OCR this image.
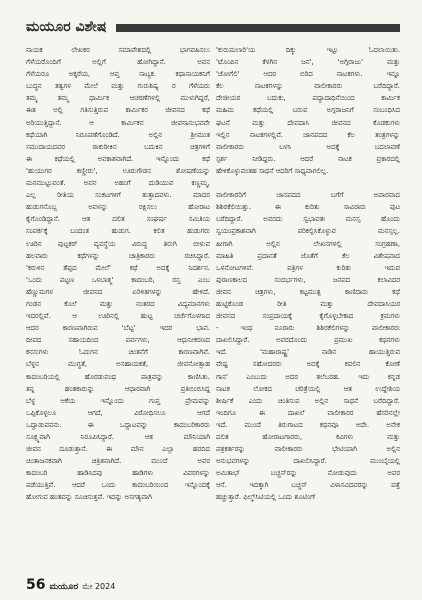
ಮಯೂರ ವಿಶೇಷ

ನಾಯಕ ಲೇಖಕರ ಸಮಾವೇಶದಲ್ಲಿ ಭಾಗವಹಿಸಲು

ಗೆಳೆಯರೊಂದಿಗೆ ಅಲ್ಲಿಗೆ ಹೋಗಿದ್ದಾನೆ. ಅವನ

ಗೆಳೆಯರೂ ಅಕ್ಕರೆಯ, ಆಪ್ತ ನಾಟ್ಯಕ. ಕಥಾನಾಯಕನಿಗೆ

ಬುದ್ಧನ ತತ್ವಗಳ ಮೇಲೆ ಮತ್ತು ಗುರುಶಿಷ್ಯ ರ ಗೆಳೆಯರು

ತಮ್ಮ ತಮ್ಮ ಧಾರ್ಮಿಕ ಆಚರಣೆಗಳಲ್ಲಿ ಮುಳುಗಿದ್ದರೆ,

ಈತ ಅಲ್ಲಿ ಗತಿಸುತ್ತಿರುವ ಕಾರ್ಮಿಕರ ಜೀವನದ ಕಥೆ

ಅರಿಯುತ್ತಿದ್ದಾನೆ. ಆ ಕಾರ್ಮಿಕನ ಜೀವನಾನುಭವವೇ

ಕಥೆಯಾಗಿ ನಿರೂಪಣೆಗೊಂಡಿದೆ. ಅಲ್ಲಿನ ಶ್ರೀಮಂತ

ಸಮುದಾಯದವರ ಠಾಕುಠೀಕಿನ ಬದುಕಿನ ಚಿತ್ರಗಳಿಗೆ

ಈ ಕಥೆಯಲ್ಲಿ ಅವಕಾಶವಾಗಿದೆ. ಇನ್ನೊಂದು ಕಥೆ

'ಹುಯುಗರ ಕಣ್ಣೀರು', ಊರುಗೌಡನ ಶೋಷಣೆಯನ್ನು

ಮನಮುಟ್ಟುವಂತೆ. ಅವನ ಅಹಂಗೆ ದುಡಿಯುವ ಕಣ್ಣಮ್ಮ,

ಎಲ್ಲ ರೀತಿಯ ಸಂಕಟಗಳಿಗೆ ತುತ್ತಾದವಳು. ಮಾದರ

ಹುಡುಗನೊಬ್ಬ ಅವಳನ್ನು ರಕ್ಷಿಸಲು ಹೋರಾಟ

ಕೈಗೊಂಡಿದ್ದಾನೆ. ಆತ ದಲಿತ ಸಂಘರ್ಷ ಸಮಿತಿಯ

ಸಂಪರ್ಕಕ್ಕೆ ಬಂದಂತ ಹುಡುಗ. ಕಲಿತ ಹುಡುಗರು

ಊರಿನ ಪುಟ್ಟಕರ್ ವ್ಯವಸ್ಥೆಯ ವಿರುದ್ಧ ತಿರುಗಿ ಬೀಳುವ

ಹಲವಾರು ಕಥೆಗಳನ್ನು ಚಾತ್ರಿಕಾರರು ರಚಿಸಿದ್ದಾರೆ.

'ಕರುಳಿನ ತೆಪ್ಪದ ಮೇಲೆ' ಕಥೆ ಅದಕ್ಕೆ ನಿದರ್ಶನ.

'ಒಂದು ಪಟ್ಟಣ ಒಳಬಾತ್ಮ' ಕಾದಂಬರಿ, ರಸ್ತ ಎಂಬ

ಹೆಣ್ಣುಮಗಳ ಜೀವನದ ಏರಿಳಿತಗಳನ್ನು ಹೇಳಿದೆ.

ಗಂಡನ ಕೊಲೆ ಮತ್ತು ನಂತರದ ವಿದ್ಯಮಾನಗಳು

ಇದರಲ್ಲಿವೆ. ಆ ಊರಿನಲ್ಲಿ ಹುಟ್ಟ ಚರ್ಚೆಗೊಳಗಾದ

ಆದರ ಕಾರಣವಾಗಿರುವ 'ಬೆಟ್ಟ' ಇದರ ಭಾವ.

ದೀಪದ ಸಹಾಯದಿಂದ ಪರ್ವಗಳು, ಆಧುನೀಕರಣದ

ಕನಸುಗಳು ಓದುಗನ ಚಿಂತನೆಗೆ ಕಾರಣವಾಗಿವೆ.

ಬೆಳ್ಳನ ಮುಗ್ಧತೆ, ಅಸಹಾಯಕತೆ, ಜೀವನೋತ್ಸಾಹ

ಕಾದಂಬರಿಯಲ್ಲಿ ಹೊರಡುವಂಥ ಪಾತ್ರವನ್ನು ಕಾಣಿಸಿತು.

ತನ್ನ ಹಂತಕಾರುನ್ನು ಆಧಾರವಾಗಿ ಪ್ರತಿಬಿಂಬಿಸಿದ್ದ

ಬೆಳ್ಳ ಆಕೆಯ ಇನ್ನೊಂದು ಗುಪ್ತ ಪ್ರೇಮವನ್ನು

ಒಪ್ಪಿಕೊಳ್ಳಲೂ ಆಗದೆ, ವಿರೋಧಿಸಲೂ ಆಗದೆ

ಒದ್ದಾಡುವವನು. ಈ ಒದ್ದಾಟವನ್ನು ಕಾದಂಬರಿಕಾರರು

ಸೂಕ್ಷ್ಮವಾಗಿ ನಿರೂಪಿಸಿದ್ದಾರೆ. ಆತ ಮೌನಿಯಾಗಿ

ಜೀವನ ದೂಡುತ್ತಾನೆ. ಈ ಮೌನ ಎಲ್ಲಾ ಹರದಿದ

ಚಿಂತಾಜನಕವಾಗಿ ಚಿತ್ರಿತವಾಗಿದೆ. ಮುಂದೆ ಅವರ

ಕಾದಂಬರಿ ಹಾಡಿಸಿದವು ಹಾಡಿಗಳು ವಿವರಗಳನ್ನು

ಪಡೆಯುತ್ತಿವೆ. ಆದರೆ ಒಂದು ಕಾದಂಬರಿಯಿಂದ ಇನ್ನೊಂದಕ್ಕೆ

ಹೋಗುವ ಹಂತವನ್ನು ಸೂಚಿಸುತ್ತವೆ. ಇದನ್ನು ಅನಗತ್ಯವಾಗಿ

'ಕುರುಮಲಾರಿ'ಯ ದಿಕ್ಕು ಇಟ್ಟು ಓದಲಾಯಿತು.

'ಟೊಂಪಿನ ಕೆಳಗಿನ ಜನ', 'ಅಗ್ಗಿರಾಜು' ಮತ್ತು

'ಜೋಗೆಲಿ' ಆದರ ಬಿರಿದ ನಾಟಕಗಳು. ಇನ್ನೂ

ಕೆಲ ನಾಟಕಗಳನ್ನು ವಾಲೀಕಾರರು ಬರೆದಿದ್ದಾರೆ.

ದೇಜೀಯರ ಬದುಕು, ಪದ್ಧಾದಾಧಿನೆಯಿಂದ ಕಾರ್ಮಿಕ

ಮಹಿಮ ಕಥೆಯಲ್ಲಿ ಬರುವ ಅಗ್ಗರಾಜನಿಗೆ ಸಂಬಂಧಿಸಿದ

ಘಟನೆ ಮತ್ತು ದೇವದಾಸಿ ಜೀವನದ ಕೊಡಕುಗಳು

ಇಲ್ಲಿನ ನಾಟಕಗಳಲ್ಲಿವೆ. ಜಾನಪದದ ಕೆಲ ತಂತ್ರಗಳನ್ನು

ವಾಲೀಕಾರರು ಬಳಸಿ ಅದಕ್ಕೆ ಬದಲಾವಣೆ

ಸ್ಪರ್ಶ ನೀಡಿದ್ದರು. ಆದರೆ ನಾಟಕ ಪ್ರಕಾರದಲ್ಲಿ

ಹೇಳಿಕೊಳ್ಳುವಂತಹ ಸಾಧನೆ ಆದರಿಗೆ ಸಾಧ್ಯವಾಗಲಿಲ್ಲ.

ವಾಲೀಕಾರರಿಗೆ ಜಾನಪದದ ಬಗೆಗೆ ಅಪಾರವಾದ

ಶಿಶಿರಕೆಲಿಯಿತ್ತು. ಈ ಕುರಿತು ಸಾವಿರಾರು ಪುಟ

ಬರೆದಿದ್ದಾರೆ. ಅವರದು ಸ್ವಭಾವತಃ ಮನಸ್ಸ ಹೊಂದು

ಸ್ವಯಂಪ್ರಕಾಶವಾಗಿ ಪರಿಕಲ್ಪಿಸಿಕೊಳ್ಳುವ ಮನಸ್ಸಲ್ಲ.

ಹೀಗಾಗಿ ಅಲ್ಲಿನ ಲೇಖನಗಳಲ್ಲಿ ಸಂಗ್ರಹಣಾ,

ಮಾಹಿತಿ ಪ್ರದಾನತೆ ಜೊತೆಗೆ ಕೆಲ ವಿಶೇಷವಾದ

ಒಳನೋಟಗಳಿವೆ. ಪತ್ರಿಗಳ ಕುರಿತು ಇದುವ

ಪುರಾಣಕಾಲದ ಸಂದರ್ಭಗಳು, ಜನಪದ ಕಲಾವಿದರ

ಜೀವನ ಚಿತ್ರಗಳು, ಕಟ್ಟಮುತ್ಪ ಕಾಣಿದಾರು ಕಥೆ

ಹುಟ್ಟಿಕೊಂಡ ರೀತಿ ಮತ್ತು ದೇವದಾಸಿಯರ

ಜೀವನದ ಸಂಪ್ರದಾಯಕ್ಕೆ ಕೈಗೊಳ್ಳಬೇಕಾದ ಕ್ರಮಗಳು

- ಇಂಥ ನೂರಾರು ಶಿಶಿರಕೆಲಿಗಳನ್ನು ವಾಲೀಕಾರರು

ದಾಖಲಿಸಿದ್ದಾರೆ. ಅವರದೊಂದು ಪ್ರಮುಖ ಕಥನಗಳು

ಇದೆ. 'ಮಹಾರಾಷ್ಟ್ರ' ನಾಡಿನ ಹಾಯುತ್ತಿರುವ

ವೇಷ್ಟ ಸಹೋದರರು ಅದಕ್ಕೆ ಕವಲಿನ ಕೋಣೆ

ಗಾನ' ಎಂಬುದು ಅದರ ತಲೆಬರಹ. ಇದು ಕನ್ನಡ

ನಾಟಕ ಲೋಕದ ಚರಿತ್ರೆಯಲ್ಲಿ ಆತ ಉದ್ದೇಶಿಯ

ಶೀರ್ಷಿಕೆ ಎಂದು ಚಿಂತಿಸುವ ಅಲ್ಲಿನ ಸಾಧನೆ ಬರೆದಿದ್ದಾರೆ.

ಇಂದಿಗೂ ಈ ದಾಖಲೆ ವಾಲೀಕಾರರ ಹೆಸರಿನಲ್ಲೇ

ಇದೆ. ಮುಂದೆ ತಿರುಗಾಟದ ಕಥನವೂ ಅದೇ. ಅನೇಕ

ದಲಿತ ಹೋರಾಟಗಾರರು, ಕವಿಗಳು ಮತ್ತು

ಪತ್ರಕರ್ತರನ್ನು ವಾಲೀಕಾರರು ಭೇಟಿಯಾಗಿ ಅಲ್ಲಿನ

ಅನುಭವಗಳನ್ನು ದಾಖಲಿಸಿದ್ದಾರೆ. ಮುಂಬೈಯಲ್ಲಿ

ಅಮಿತಾಭ್ ಬಚ್ಚನ್‌ರನ್ನು ನೋಡುವುದು ಅವರ

ಆಸೆ. ಇದಕ್ಕಾಗಿ ಬಚ್ಚನ್ ವಿಳಾಸವಿದವರನ್ನು ಪತ್ತೆ

ಹಚ್ಚುತ್ತಾರೆ. ಫಿಲ್ಮ್‌ಸಿಟಿಯಲ್ಲಿ ಒಂದು ಶೂಟಿಂಗ್

56 ಮಯೂರ ಮೇ 2024
